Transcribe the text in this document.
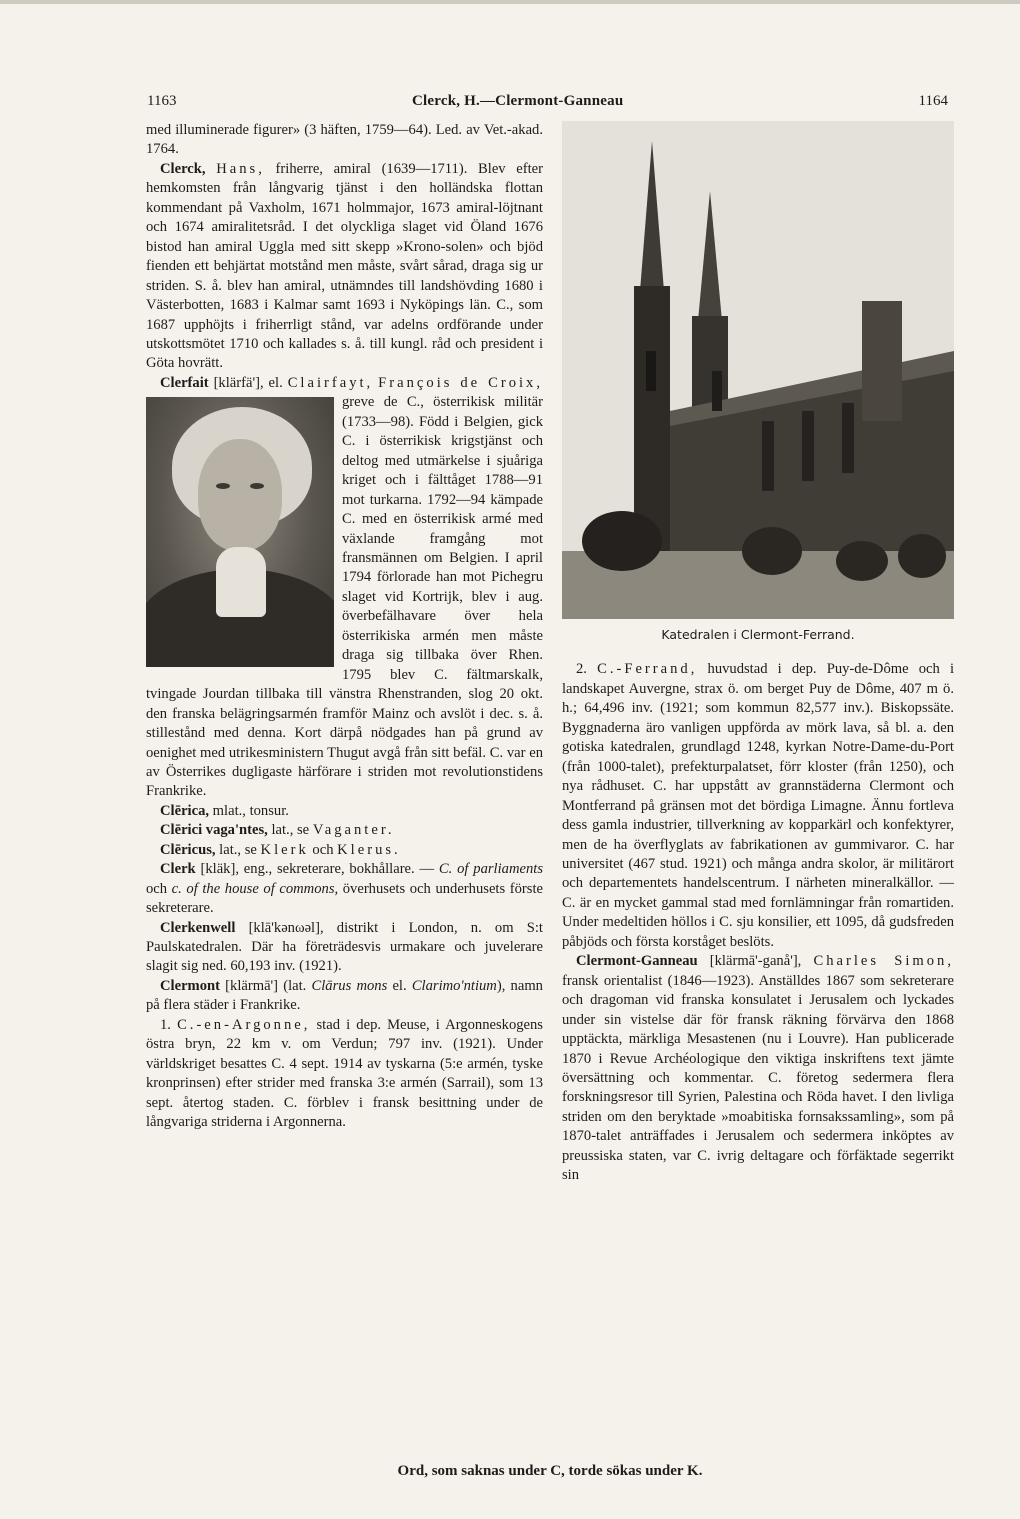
1163	Clerck, H.—Clermont-Ganneau	1164

med illuminerade figurer» (3 häften, 1759—64). Led. av Vet.-akad. 1764.

Clerck, Hans, friherre, amiral (1639—1711). Blev efter hemkomsten från långvarig tjänst i den holländska flottan kommendant på Vaxholm, 1671 holmmajor, 1673 amiral-löjtnant och 1674 amiralitetsråd. I det olyckliga slaget vid Öland 1676 bistod han amiral Uggla med sitt skepp »Krono-solen» och bjöd fienden ett behjärtat motstånd men måste, svårt sårad, draga sig ur striden. S. å. blev han amiral, utnämndes till landshövding 1680 i Västerbotten, 1683 i Kalmar samt 1693 i Nyköpings län. C., som 1687 upphöjts i friherrligt stånd, var adelns ordförande under utskottsmötet 1710 och kallades s. å. till kungl. råd och president i Göta hovrätt.

Clerfait [klärfä'], el. Clairfayt, François de Croix,
greve de C., österrikisk militär (1733—98). Född i Belgien, gick C. i österrikisk krigstjänst och deltog med utmärkelse i sjuåriga kriget och i fälttåget 1788—91 mot turkarna. 1792—94 kämpade C. med en österrikisk armé med växlande framgång mot fransmännen om Belgien. I april 1794 förlorade han mot Pichegru slaget vid Kortrijk, blev i aug. överbefälhavare över hela österrikiska armén men måste draga sig tillbaka över Rhen. 1795 blev C. fältmarskalk, tvingade Jourdan tillbaka till vänstra Rhenstranden, slog 20 okt. den franska belägringsarmén framför Mainz och avslöt i dec. s. å. stillestånd med denna. Kort därpå nödgades han på grund av oenighet med utrikesministern Thugut avgå från sitt befäl. C. var en av Österrikes dugligaste härförare i striden mot revolutionstidens Frankrike.

Clērica, mlat., tonsur.

Clērici vaga'ntes, lat., se Vaganter.

Clēricus, lat., se Klerk och Klerus.

Clerk [kläk], eng., sekreterare, bokhållare. — C. of parliaments och c. of the house of commons, överhusets och underhusets förste sekreterare.

Clerkenwell [klā'kənωəl], distrikt i London, n. om S:t Paulskatedralen. Där ha företrädesvis urmakare och juvelerare slagit sig ned. 60,193 inv. (1921).

Clermont [klärmā'] (lat. Clārus mons el. Clarimo'ntium), namn på flera städer i Frankrike.

1. C.-en-Argonne, stad i dep. Meuse, i Argonneskogens östra bryn, 22 km v. om Verdun; 797 inv. (1921). Under världskriget besattes C. 4 sept. 1914 av tyskarna (5:e armén, tyske kronprinsen) efter strider med franska 3:e armén (Sarrail), som 13 sept. återtog staden. C. förblev i fransk besittning under de långvariga striderna i Argonnerna.

Katedralen i Clermont-Ferrand.

2. C.-Ferrand, huvudstad i dep. Puy-de-Dôme och i landskapet Auvergne, strax ö. om berget Puy de Dôme, 407 m ö. h.; 64,496 inv. (1921; som kommun 82,577 inv.). Biskopssäte. Byggnaderna äro vanligen uppförda av mörk lava, så bl. a. den gotiska katedralen, grundlagd 1248, kyrkan Notre-Dame-du-Port (från 1000-talet), prefekturpalatset, förr kloster (från 1250), och nya rådhuset. C. har uppstått av grannstäderna Clermont och Montferrand på gränsen mot det bördiga Limagne. Ännu fortleva dess gamla industrier, tillverkning av kopparkärl och konfektyrer, men de ha överflyglats av fabrikationen av gummivaror. C. har universitet (467 stud. 1921) och många andra skolor, är militärort och departementets handelscentrum. I närheten mineralkällor. — C. är en mycket gammal stad med fornlämningar från romartiden. Under medeltiden höllos i C. sju konsilier, ett 1095, då gudsfreden påbjöds och första korståget beslöts.

Clermont-Ganneau [klärmā'-ganå'], Charles Simon, fransk orientalist (1846—1923). Anställdes 1867 som sekreterare och dragoman vid franska konsulatet i Jerusalem och lyckades under sin vistelse där för fransk räkning förvärva den 1868 upptäckta, märkliga Mesastenen (nu i Louvre). Han publicerade 1870 i Revue Archéologique den viktiga inskriftens text jämte översättning och kommentar. C. företog sedermera flera forskningsresor till Syrien, Palestina och Röda havet. I den livliga striden om den beryktade »moabitiska fornsakssamling», som på 1870-talet anträffades i Jerusalem och sedermera inköptes av preussiska staten, var C. ivrig deltagare och förfäktade segerrikt sin

Ord, som saknas under C, torde sökas under K.
